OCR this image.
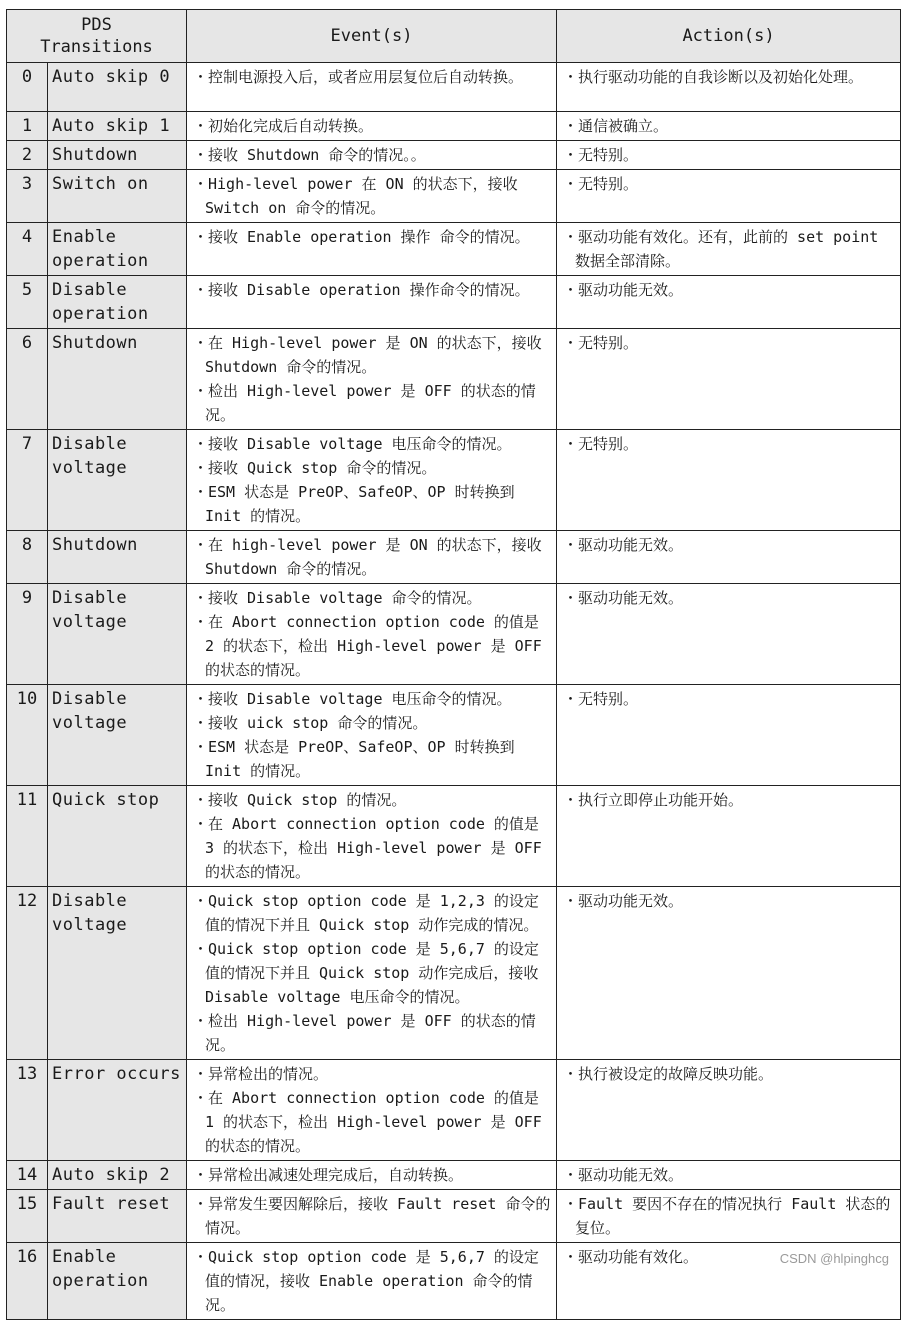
PDS
Transitions		Event(s)	Action(s)
0	Auto skip 0	・控制电源投入后，或者应用层复位后自动转换。	・执行驱动功能的自我诊断以及初始化处理。

1	Auto skip 1	・初始化完成后自动转换。	・通信被确立。

2	Shutdown	・接收 Shutdown 命令的情况。。	・无特别。

3	Switch on	・High-level power 在 ON 的状态下，接收 Switch on 命令的情况。	・无特别。

4	Enable operation	・接收 Enable operation 操作 命令的情况。	・驱动功能有效化。还有，此前的 set point 数据全部清除。

5	Disable operation	・接收 Disable operation 操作命令的情况。	・驱动功能无效。

6	Shutdown	・在 High-level power 是 ON 的状态下，接收 Shutdown 命令的情况。
・检出 High-level power 是 OFF 的状态的情况。	・无特别。

7	Disable voltage	・接收 Disable voltage 电压命令的情况。
・接收 Quick stop 命令的情况。
・ESM 状态是 PreOP、SafeOP、OP 时转换到 Init 的情况。	・无特别。

8	Shutdown	・在 high-level power 是 ON 的状态下，接收 Shutdown 命令的情况。	・驱动功能无效。

9	Disable voltage	・接收 Disable voltage 命令的情况。
・在 Abort connection option code 的值是 2 的状态下，检出 High-level power 是 OFF 的状态的情况。	・驱动功能无效。

10	Disable voltage	・接收 Disable voltage 电压命令的情况。
・接收 uick stop 命令的情况。
・ESM 状态是 PreOP、SafeOP、OP 时转换到 Init 的情况。	・无特别。

11	Quick stop	・接收 Quick stop 的情况。
・在 Abort connection option code 的值是 3 的状态下，检出 High-level power 是 OFF 的状态的情况。	・执行立即停止功能开始。

12	Disable voltage	・Quick stop option code 是 1,2,3 的设定值的情况下并且 Quick stop 动作完成的情况。
・Quick stop option code 是 5,6,7 的设定值的情况下并且 Quick stop 动作完成后，接收 Disable voltage 电压命令的情况。
・检出 High-level power 是 OFF 的状态的情况。	・驱动功能无效。

13	Error occurs	・异常检出的情况。
・在 Abort connection option code 的值是 1 的状态下，检出 High-level power 是 OFF 的状态的情况。	・执行被设定的故障反映功能。

14	Auto skip 2	・异常检出减速处理完成后，自动转换。	・驱动功能无效。

15	Fault reset	・异常发生要因解除后，接收 Fault reset 命令的情况。	・Fault 要因不存在的情况执行 Fault 状态的复位。

16	Enable operation	・Quick stop option code 是 5,6,7 的设定值的情况，接收 Enable operation 命令的情况。	・驱动功能有效化。	CSDN @hlpinghcg
